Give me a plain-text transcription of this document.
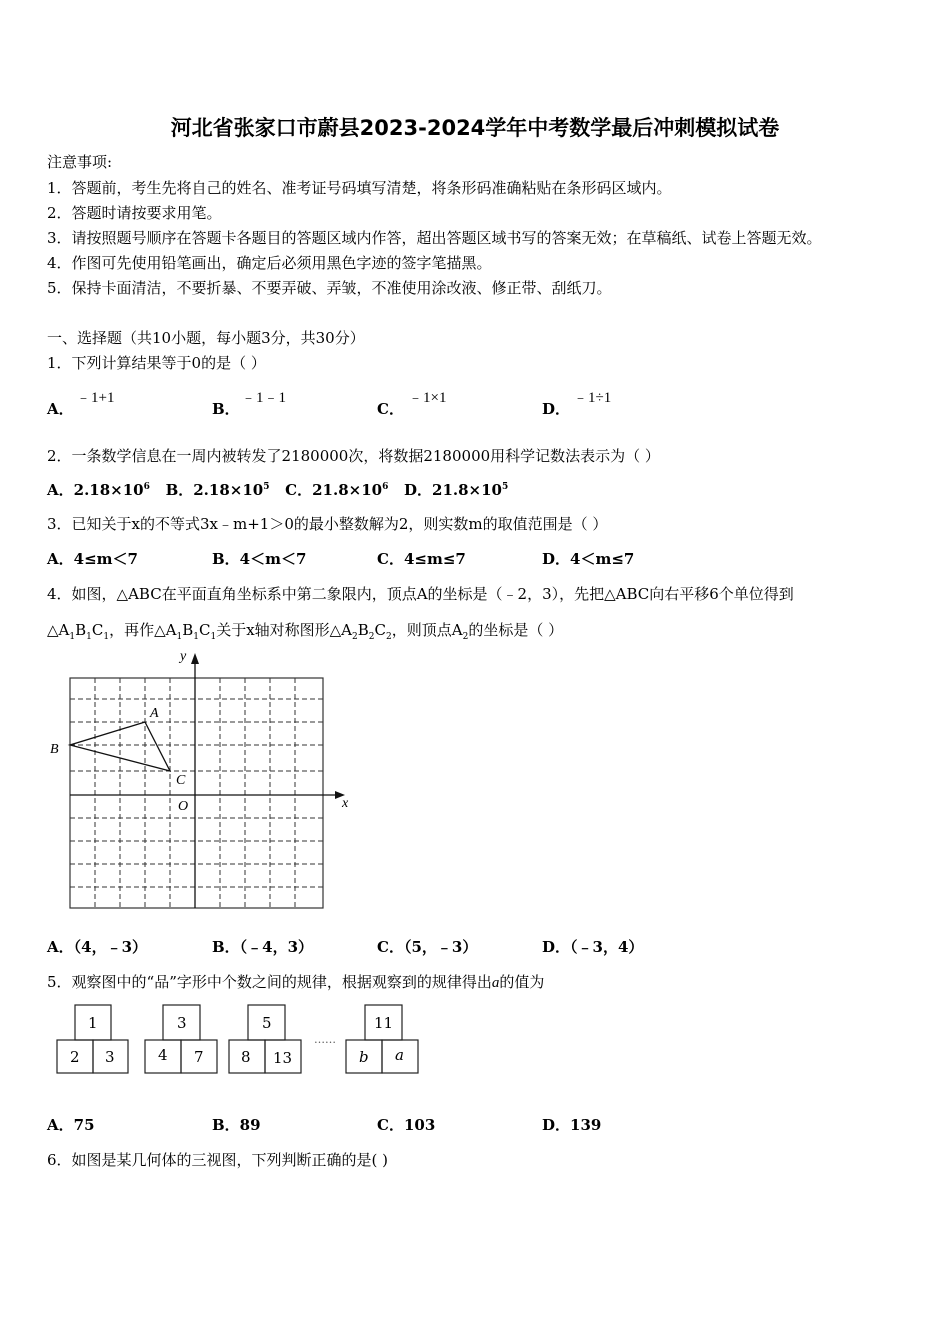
河北省张家口市蔚县2023-2024学年中考数学最后冲刺模拟试卷
注意事项:
1．答题前，考生先将自己的姓名、准考证号码填写清楚，将条形码准确粘贴在条形码区域内。
2．答题时请按要求用笔。
3．请按照题号顺序在答题卡各题目的答题区域内作答，超出答题区域书写的答案无效；在草稿纸、试卷上答题无效。
4．作图可先使用铅笔画出，确定后必须用黑色字迹的签字笔描黑。
5．保持卡面清洁，不要折暴、不要弄破、弄皱，不准使用涂改液、修正带、刮纸刀。
一、选择题（共10小题，每小题3分，共30分）
1．下列计算结果等于0的是（ ）
A．
﹣1+1
B．
﹣1﹣1
C．
﹣1×1
D．
﹣1÷1
2．一条数学信息在一周内被转发了2180000次，将数据2180000用科学记数法表示为（ ）
A．$2.18\times 10^6$ B．$2.18\times 10^5$ C．$21.8\times 10^6$ D．$21.8\times 10^5$
3．已知关于x的不等式3x﹣m+1＞0的最小整数解为2，则实数m的取值范围是（ ）
A．4≤m＜7	B．4＜m＜7	C．4≤m≤7	D．4＜m≤7
4．如图，△ABC在平面直角坐标系中第二象限内，顶点A的坐标是（﹣2，3），先把△ABC向右平移6个单位得到
$\triangle A_1B_1C_1$，再作$\triangle A_1B_1C_1$关于x轴对称图形$\triangle A_2B_2C_2$，则顶点$A_2$的坐标是（ ）
y
x
A
B
C
O
A．（4，﹣3）	B．（﹣4，3）	C．（5，﹣3）	D．（﹣3，4）
5．观察图中的“品”字形中个数之间的规律，根据观察到的规律得出a的值为
1
2 3
3
4 7
5
8 13
……
11
b a
A．75	B．89	C．103	D．139
6．如图是某几何体的三视图，下列判断正确的是( )
